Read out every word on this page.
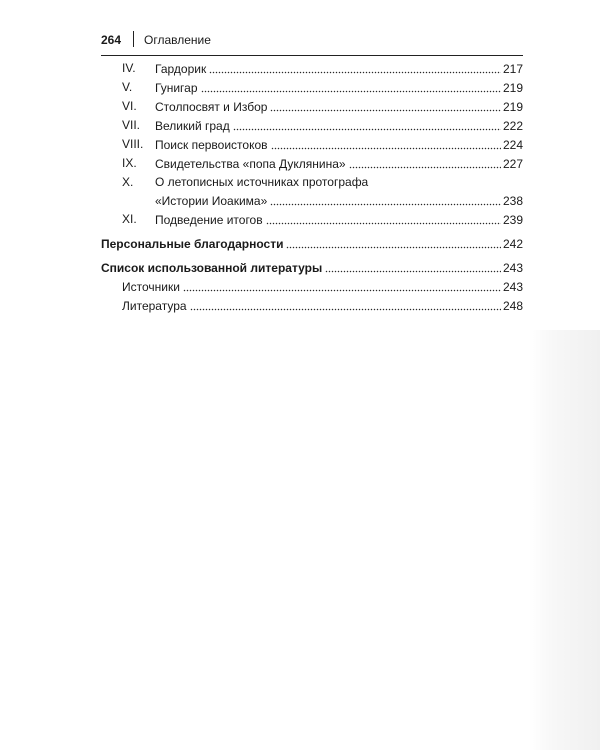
264 Оглавление
IV. Гардорик	217
V. Гунигар	219
VI. Столпосвят и Избор	219
VII. Великий град	222
VIII. Поиск первоистоков	224
IX. Свидетельства «попа Дуклянина»	227
X. О летописных источниках протографа
«Истории Иоакима»	238
XI. Подведение итогов	239
Персональные благодарности	242
Список использованной литературы	243
Источники	243
Литература	248
